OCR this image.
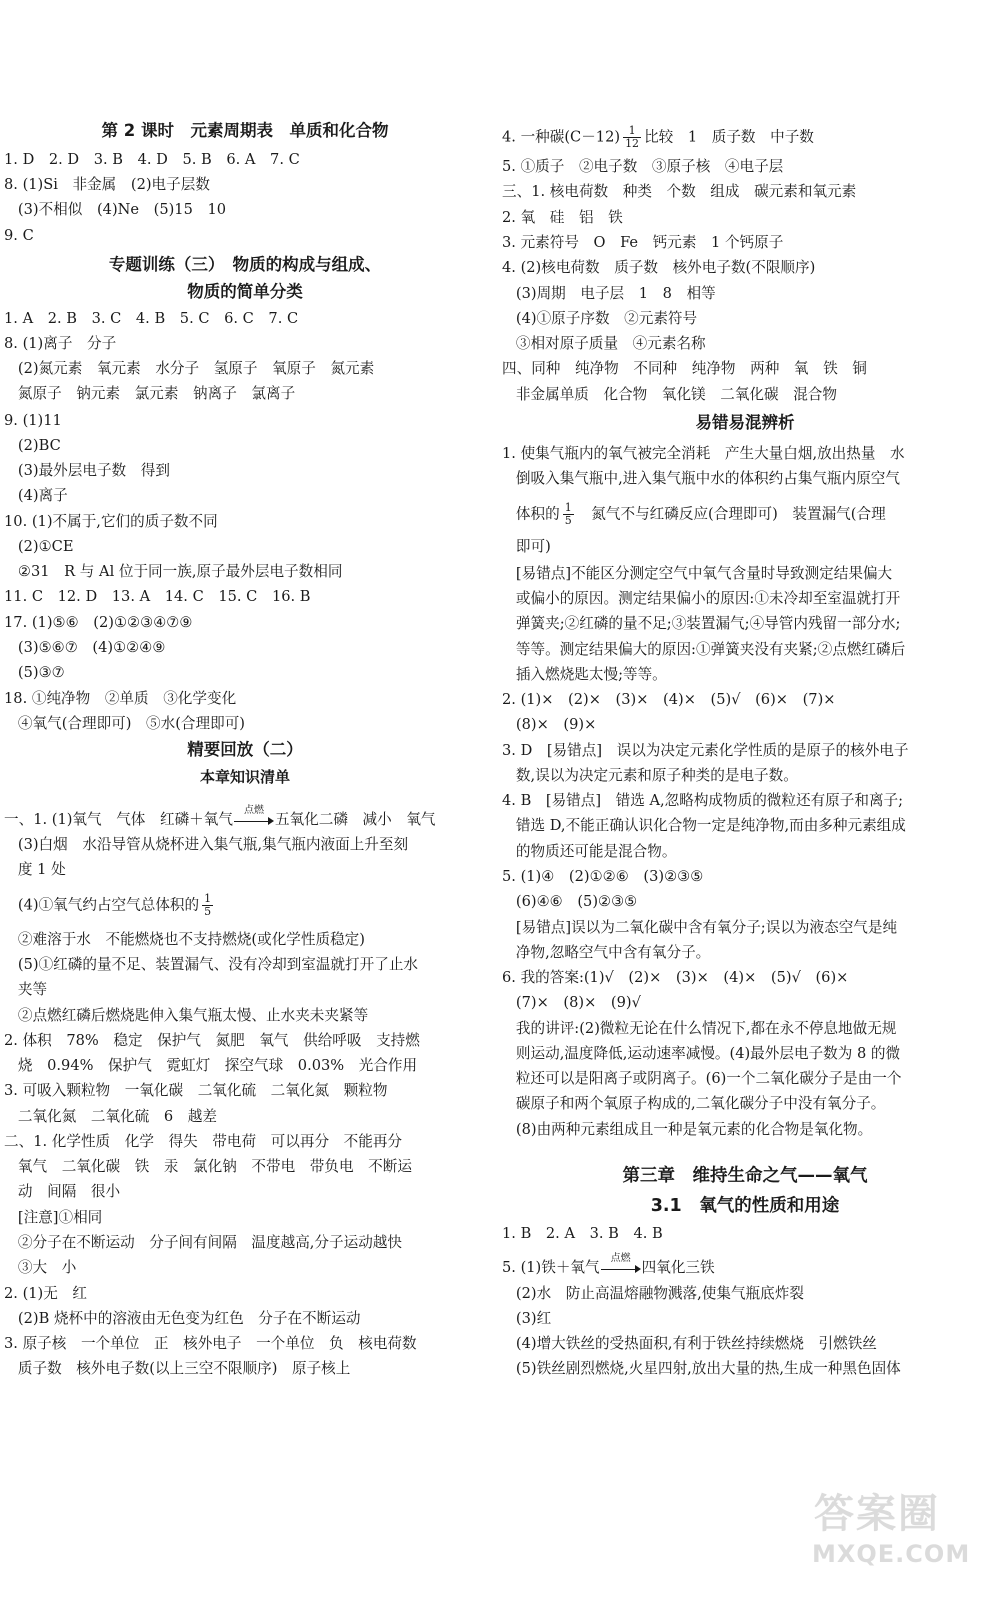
第 2 课时　元素周期表　单质和化合物
1. D　2. D　3. B　4. D　5. B　6. A　7. C
8. (1)Si　非金属　(2)电子层数
(3)不相似　(4)Ne　(5)15　10
9. C
专题训练（三）　物质的构成与组成、
物质的简单分类
1. A　2. B　3. C　4. B　5. C　6. C　7. C
8. (1)离子　分子
(2)氮元素　氧元素　水分子　氢原子　氧原子　氮元素
氮原子　钠元素　氯元素　钠离子　氯离子
9. (1)11
(2)BC
(3)最外层电子数　得到
(4)离子
10. (1)不属于,它们的质子数不同
(2)①CE
②31　R 与 Al 位于同一族,原子最外层电子数相同
11. C　12. D　13. A　14. C　15. C　16. B
17. (1)⑤⑥　(2)①②③④⑦⑨
(3)⑤⑥⑦　(4)①②④⑨
(5)③⑦
18. ①纯净物　②单质　③化学变化
④氧气(合理即可)　⑤水(合理即可)
精要回放（二）
本章知识清单
一、1. (1)氧气　气体　红磷＋氧气
点燃
五氧化二磷　减小　氧气
(3)白烟　水沿导管从烧杯进入集气瓶,集气瓶内液面上升至刻
度 1 处
(4)①氧气约占空气总体积的 $\frac{1}{5}$
②难溶于水　不能燃烧也不支持燃烧(或化学性质稳定)
(5)①红磷的量不足、装置漏气、没有冷却到室温就打开了止水
夹等
②点燃红磷后燃烧匙伸入集气瓶太慢、止水夹未夹紧等
2. 体积　78%　稳定　保护气　氮肥　氧气　供给呼吸　支持燃
烧　0.94%　保护气　霓虹灯　探空气球　0.03%　光合作用
3. 可吸入颗粒物　一氧化碳　二氧化硫　二氧化氮　颗粒物
二氧化氮　二氧化硫　6　越差
二、1. 化学性质　化学　得失　带电荷　可以再分　不能再分
氧气　二氧化碳　铁　汞　氯化钠　不带电　带负电　不断运
动　间隔　很小
[注意]①相同
②分子在不断运动　分子间有间隔　温度越高,分子运动越快
③大　小
2. (1)无　红
(2)B 烧杯中的溶液由无色变为红色　分子在不断运动
3. 原子核　一个单位　正　核外电子　一个单位　负　核电荷数
质子数　核外电子数(以上三空不限顺序)　原子核上
4. 一种碳$(C-12) \frac{1}{12}$ 比较　1　质子数　中子数
5. ①质子　②电子数　③原子核　④电子层
三、1. 核电荷数　种类　个数　组成　碳元素和氧元素
2. 氧　硅　铝　铁
3. 元素符号　O　Fe　钙元素　1 个钙原子
4. (2)核电荷数　质子数　核外电子数(不限顺序)
(3)周期　电子层　1　8　相等
(4)①原子序数　②元素符号
③相对原子质量　④元素名称
四、同种　纯净物　不同种　纯净物　两种　氧　铁　铜
非金属单质　化合物　氧化镁　二氧化碳　混合物
易错易混辨析
1. 使集气瓶内的氧气被完全消耗　产生大量白烟,放出热量　水
倒吸入集气瓶中,进入集气瓶中水的体积约占集气瓶内原空气
体积的 $\frac{1}{5}$ 　氮气不与红磷反应(合理即可)　装置漏气(合理
即可)
[易错点]不能区分测定空气中氧气含量时导致测定结果偏大
或偏小的原因。测定结果偏小的原因:①未冷却至室温就打开
弹簧夹;②红磷的量不足;③装置漏气;④导管内残留一部分水;
等等。测定结果偏大的原因:①弹簧夹没有夹紧;②点燃红磷后
插入燃烧匙太慢;等等。
2. (1)×　(2)×　(3)×　(4)×　(5)√　(6)×　(7)×
(8)×　(9)×
3. D　[易错点]　误以为决定元素化学性质的是原子的核外电子
数,误以为决定元素和原子种类的是电子数。
4. B　[易错点]　错选 A,忽略构成物质的微粒还有原子和离子;
错选 D,不能正确认识化合物一定是纯净物,而由多种元素组成
的物质还可能是混合物。
5. (1)④　(2)①②⑥　(3)②③⑤
(6)④⑥　(5)②③⑤
[易错点]误以为二氧化碳中含有氧分子;误以为液态空气是纯
净物,忽略空气中含有氧分子。
6. 我的答案:(1)√　(2)×　(3)×　(4)×　(5)√　(6)×
(7)×　(8)×　(9)√
我的讲评:(2)微粒无论在什么情况下,都在永不停息地做无规
则运动,温度降低,运动速率减慢。(4)最外层电子数为 8 的微
粒还可以是阳离子或阴离子。(6)一个二氧化碳分子是由一个
碳原子和两个氧原子构成的,二氧化碳分子中没有氧分子。
(8)由两种元素组成且一种是氧元素的化合物是氧化物。
第三章　维持生命之气——氧气
3.1　氧气的性质和用途
1. B　2. A　3. B　4. B
5. (1)铁＋氧气
点燃
四氧化三铁
(2)水　防止高温熔融物溅落,使集气瓶底炸裂
(3)红
(4)增大铁丝的受热面积,有利于铁丝持续燃烧　引燃铁丝
(5)铁丝剧烈燃烧,火星四射,放出大量的热,生成一种黑色固体
答案圈
MXQE.COM
